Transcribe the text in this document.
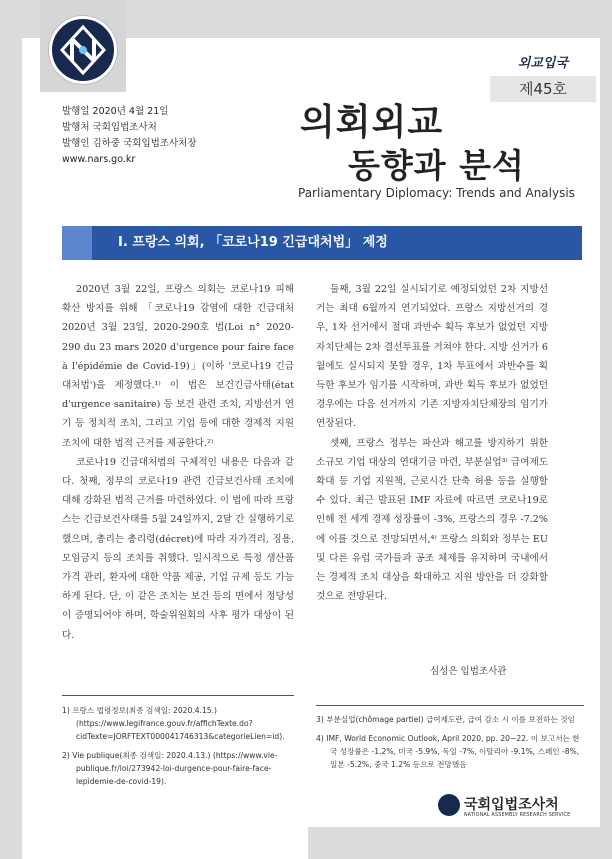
외교입국
제45호
발행일 2020년 4월 21일
발행처 국회입법조사처
발행인 김하중 국회입법조사처장
www.nars.go.kr
의회외교
동향과 분석
Parliamentary Diplomacy: Trends and Analysis
Ⅰ. 프랑스 의회, 「코로나19 긴급대처법」 제정

2020년 3월 22일, 프랑스 의회는 코로나19 피해 확산 방지를 위해 「코로나19 감염에 대한 긴급대처 2020년 3월 23일, 2020-290호 법(Loi n° 2020-290 du 23 mars 2020 d'urgence pour faire face à l'épidémie de Covid-19)」(이하 '코로나19 긴급대처법')을 제정했다.¹⁾ 이 법은 보건긴급사태(état d'urgence sanitaire) 등 보건 관련 조치, 지방선거 연기 등 정치적 조치, 그리고 기업 등에 대한 경제적 지원 조치에 대한 법적 근거를 제공한다.²⁾

코로나19 긴급대처법의 구체적인 내용은 다음과 같다. 첫째, 정부의 코로나19 관련 긴급보건사태 조치에 대해 강화된 법적 근거를 마련하였다. 이 법에 따라 프랑스는 긴급보건사태를 5월 24일까지, 2달 간 실행하기로 했으며, 총리는 총리령(décret)에 따라 자가격리, 징용, 모임금지 등의 조치를 취했다. 일시적으로 특정 생산품 가격 관리, 환자에 대한 약품 제공, 기업 규제 등도 가능하게 된다. 단, 이 같은 조치는 보건 등의 면에서 정당성이 증명되어야 하며, 학술위원회의 사후 평가 대상이 된다.

둘째, 3월 22일 실시되기로 예정되었던 2차 지방선거는 최대 6월까지 연기되었다. 프랑스 지방선거의 경우, 1차 선거에서 절대 과반수 획득 후보가 없었던 지방자치단체는 2차 결선투표를 거쳐야 한다. 지방 선거가 6월에도 실시되지 못할 경우, 1차 투표에서 과반수를 획득한 후보가 임기를 시작하며, 과반 획득 후보가 없었던 경우에는 다음 선거까지 기존 지방자치단체장의 임기가 연장된다.

셋째, 프랑스 정부는 파산과 해고를 방지하기 위한 소규모 기업 대상의 연대기금 마련, 부분실업³⁾ 급여제도 확대 등 기업 지원책, 근로시간 단축 허용 등을 실행할 수 있다. 최근 발표된 IMF 자료에 따르면 코로나19로 인해 전 세계 경제 성장률이 -3%, 프랑스의 경우 -7.2%에 이를 것으로 전망되면서,⁴⁾ 프랑스 의회와 정부는 EU 및 다른 유럽 국가들과 공조 체제를 유지하며 국내에서는 경제적 조치 대상을 확대하고 지원 방안을 더 강화할 것으로 전망된다.

심성은 입법조사관
1) 프랑스 법령정보(최종 검색일: 2020.4.15.) (https://www.legifrance.gouv.fr/affichTexte.do?cidTexte=JORFTEXT000041746313&categorieLien=id).
2) Vie publique(최종 검색일: 2020.4.13.) (https://www.vie-publique.fr/loi/273942-loi-durgence-pour-faire-face-lepidemie-de-covid-19).
3) 부분실업(chômage partiel) 급여제도란, 급여 감소 시 이를 보전하는 것임
4) IMF, World Economic Outlook, April 2020, pp. 20~22. 이 보고서는 한국 성장률은 -1.2%, 미국 -5.9%, 독일 -7%, 이탈리아 -9.1%, 스페인 -8%, 일본 -5.2%, 중국 1.2% 등으로 전망했음
국회입법조사처
NATIONAL ASSEMBLY RESEARCH SERVICE
